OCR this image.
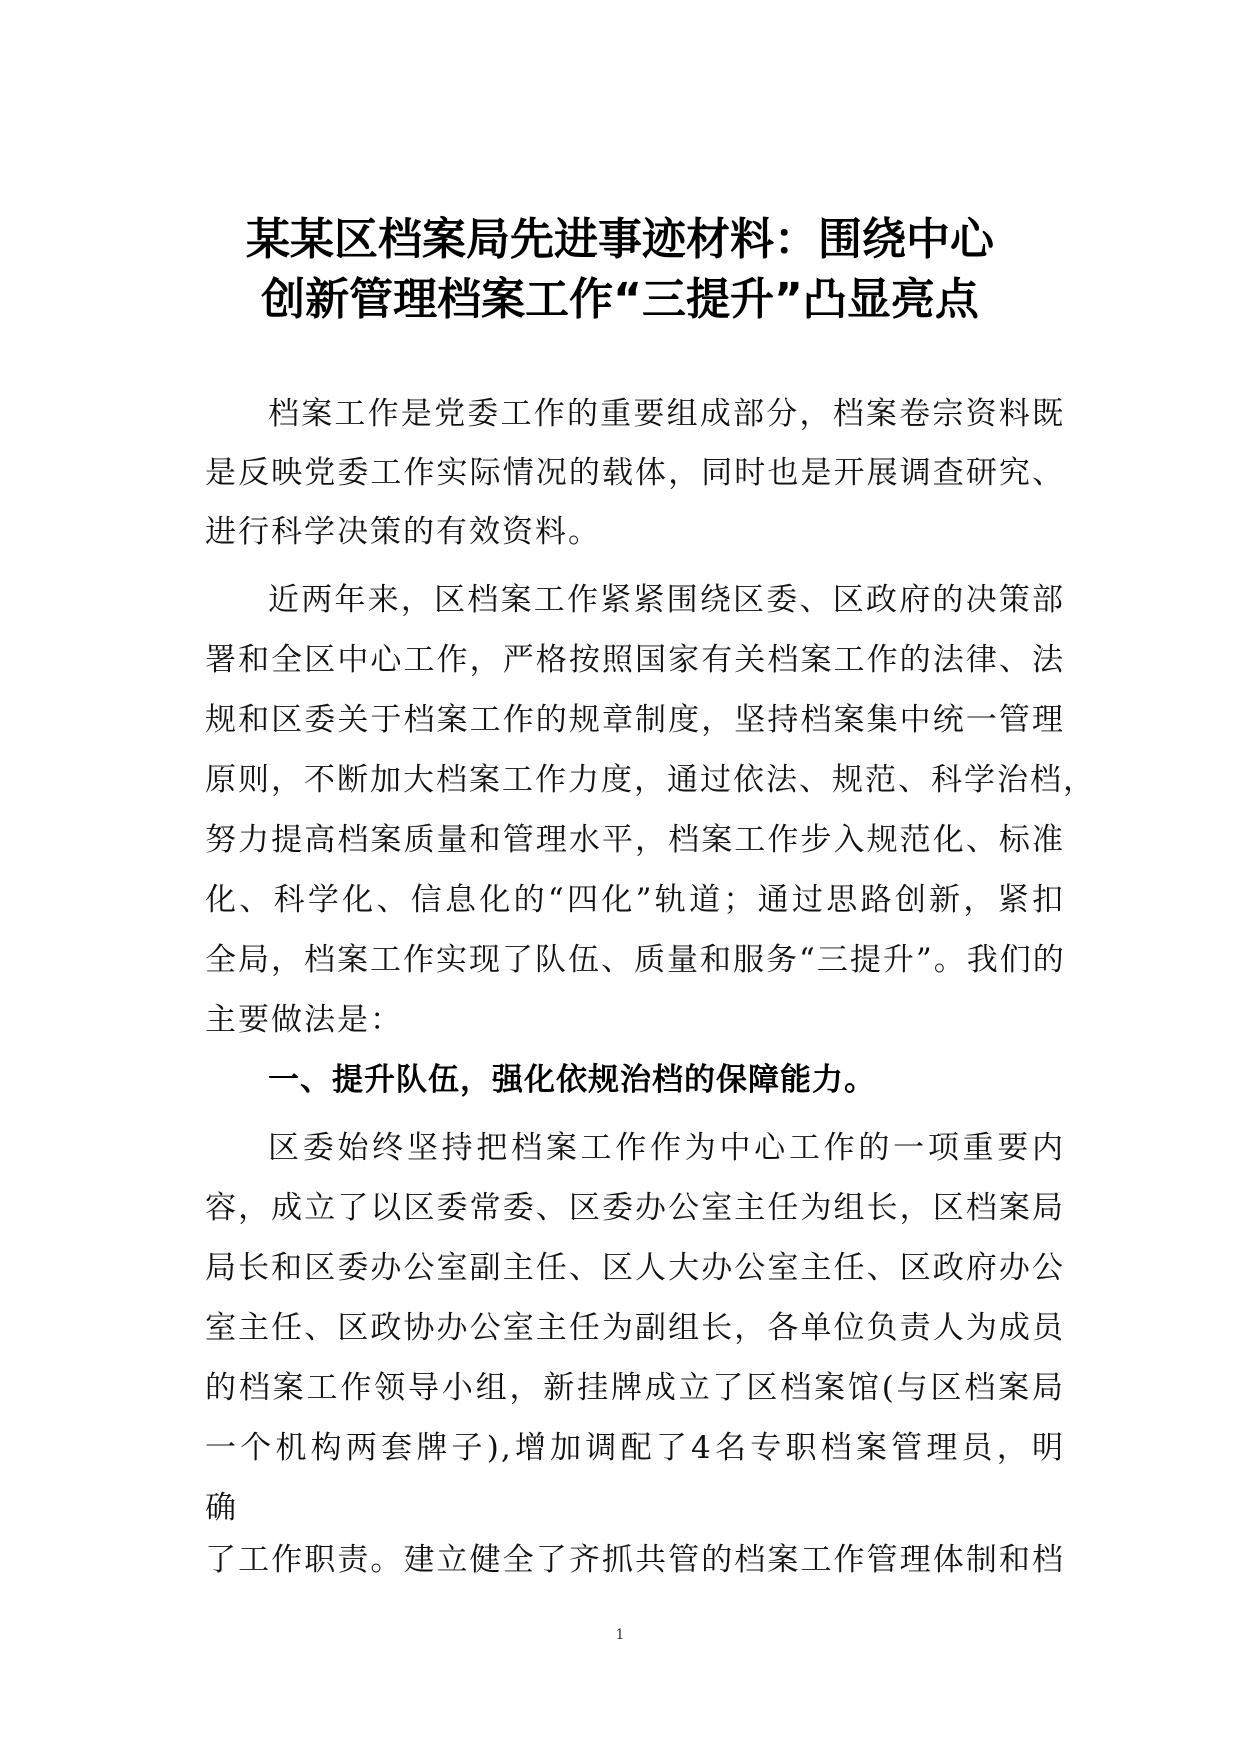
某某区档案局先进事迹材料：围绕中心
创新管理档案工作“三提升”凸显亮点
档案工作是党委工作的重要组成部分，档案卷宗资料既
是反映党委工作实际情况的载体，同时也是开展调查研究、
进行科学决策的有效资料。
近两年来，区档案工作紧紧围绕区委、区政府的决策部
署和全区中心工作，严格按照国家有关档案工作的法律、法
规和区委关于档案工作的规章制度，坚持档案集中统一管理
原则，不断加大档案工作力度，通过依法、规范、科学治档，
努力提高档案质量和管理水平，档案工作步入规范化、标准
化、科学化、信息化的“四化”轨道；通过思路创新，紧扣
全局，档案工作实现了队伍、质量和服务“三提升”。我们的
主要做法是：
一、提升队伍，强化依规治档的保障能力。
区委始终坚持把档案工作作为中心工作的一项重要内
容，成立了以区委常委、区委办公室主任为组长，区档案局
局长和区委办公室副主任、区人大办公室主任、区政府办公
室主任、区政协办公室主任为副组长，各单位负责人为成员
的档案工作领导小组，新挂牌成立了区档案馆(与区档案局
一个机构两套牌子),增加调配了4名专职档案管理员，明
确
了工作职责。建立健全了齐抓共管的档案工作管理体制和档
1
